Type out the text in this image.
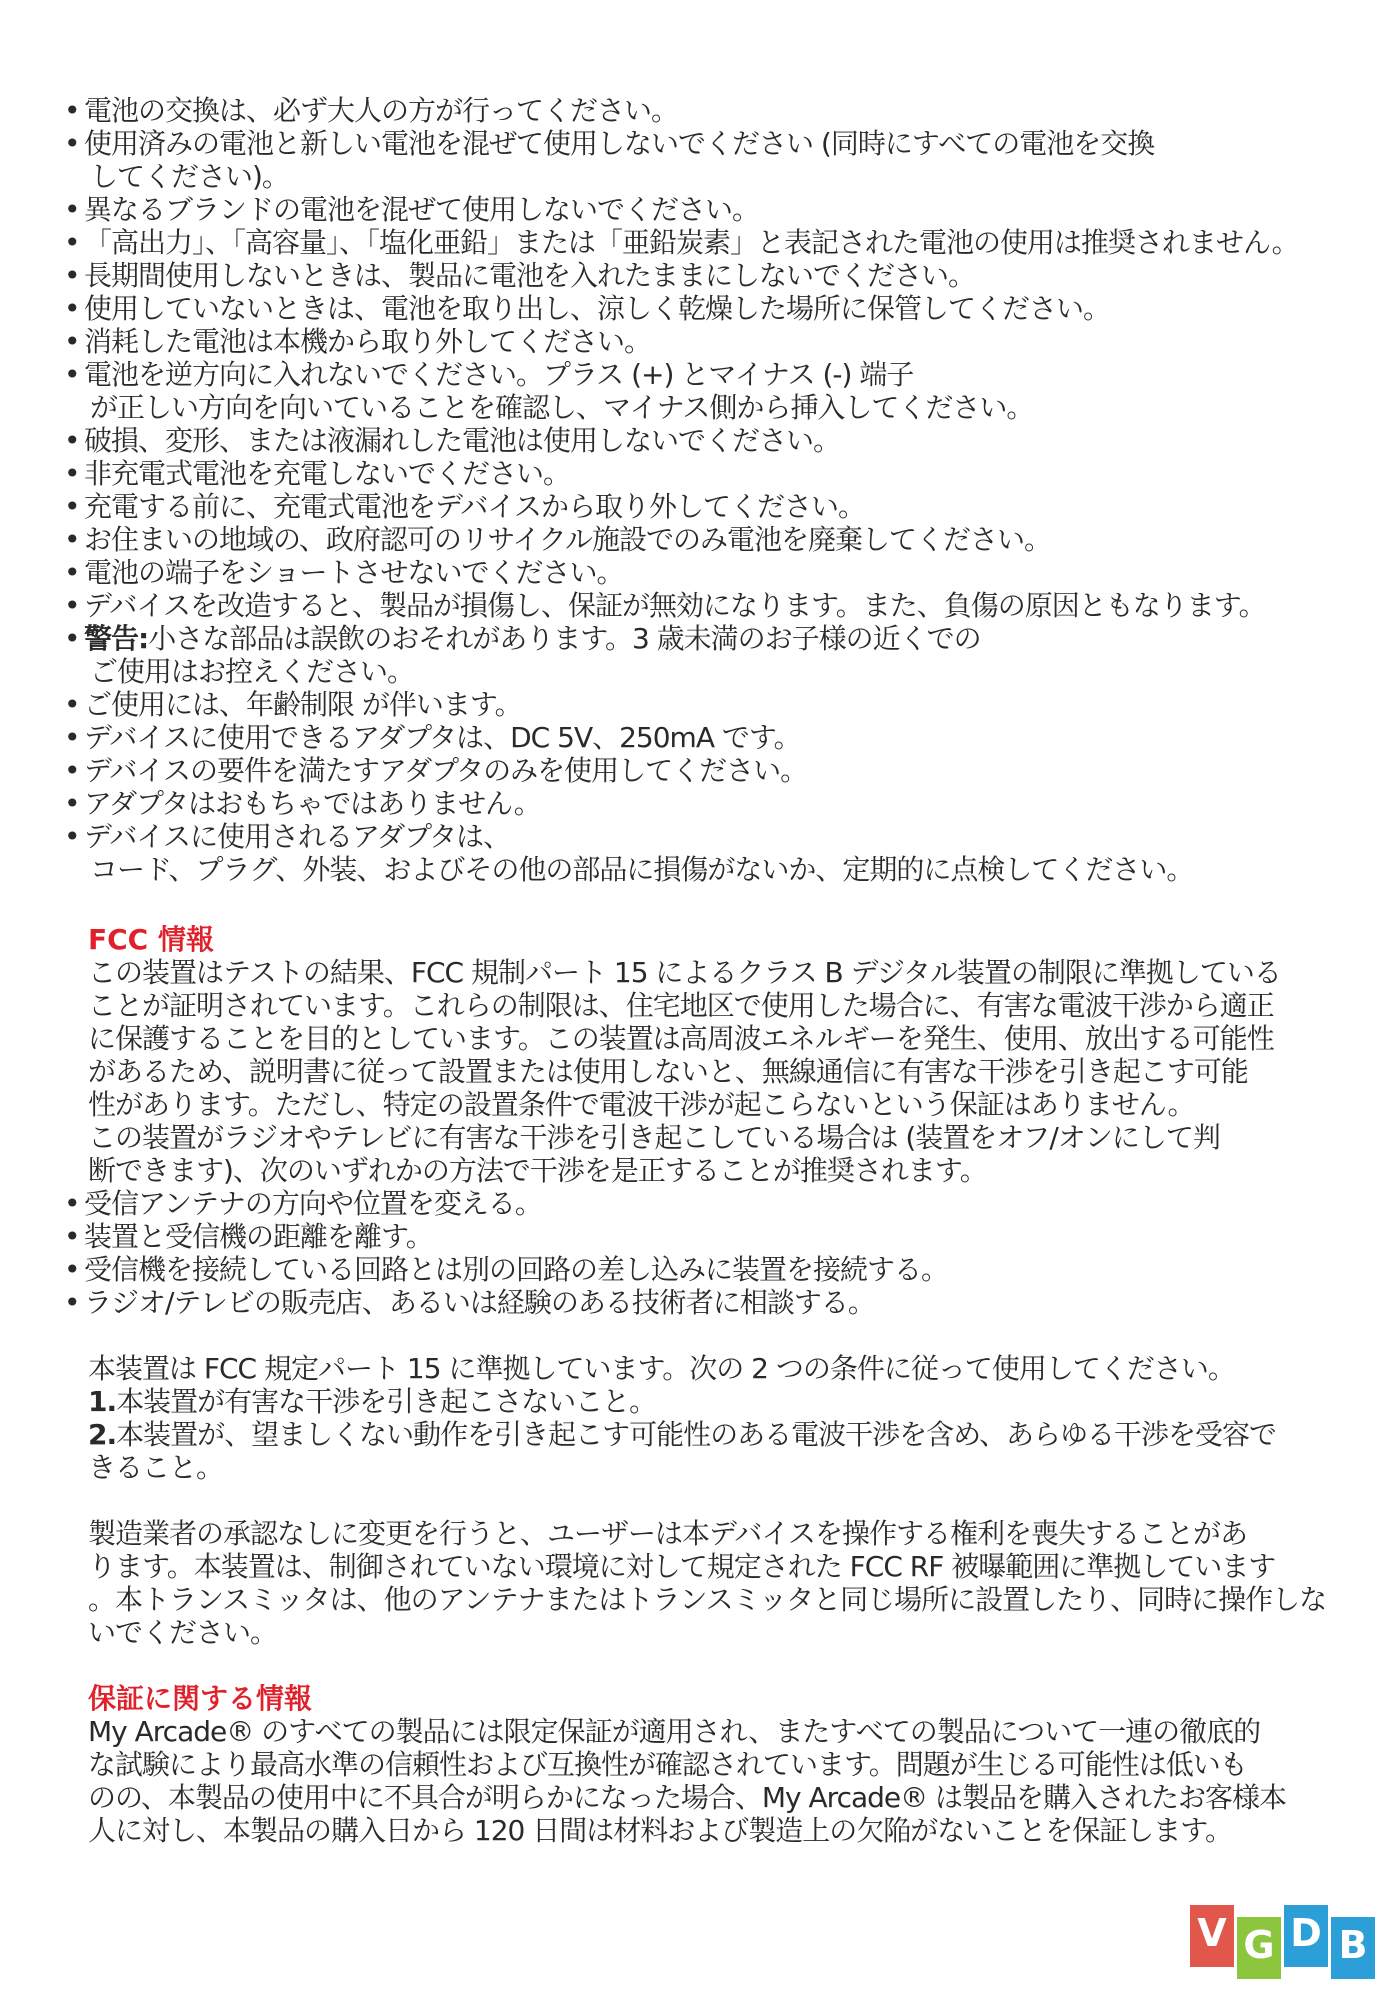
• 電池の交換は、必ず大人の方が行ってください。
• 使用済みの電池と新しい電池を混ぜて使用しないでください (同時にすべての電池を交換
してください)。
• 異なるブランドの電池を混ぜて使用しないでください。
• 「高出力」、「高容量」、「塩化亜鉛」または「亜鉛炭素」と表記された電池の使用は推奨されません。
• 長期間使用しないときは、製品に電池を入れたままにしないでください。
• 使用していないときは、電池を取り出し、涼しく乾燥した場所に保管してください。
• 消耗した電池は本機から取り外してください。
• 電池を逆方向に入れないでください。プラス (+) とマイナス (-) 端子
が正しい方向を向いていることを確認し、マイナス側から挿入してください。
• 破損、変形、または液漏れした電池は使用しないでください。
• 非充電式電池を充電しないでください。
• 充電する前に、充電式電池をデバイスから取り外してください。
• お住まいの地域の、政府認可のリサイクル施設でのみ電池を廃棄してください。
• 電池の端子をショートさせないでください。
• デバイスを改造すると、製品が損傷し、保証が無効になります。また、負傷の原因ともなります。
• 警告:小さな部品は誤飲のおそれがあります。3 歳未満のお子様の近くでの
ご使用はお控えください。
• ご使用には、年齢制限 が伴います。
• デバイスに使用できるアダプタは、DC 5V、250mA です。
• デバイスの要件を満たすアダプタのみを使用してください。
• アダプタはおもちゃではありません。
• デバイスに使用されるアダプタは、
コード、プラグ、外装、およびその他の部品に損傷がないか、定期的に点検してください。
FCC 情報
この装置はテストの結果、FCC 規制パート 15 によるクラス B デジタル装置の制限に準拠している
ことが証明されています。これらの制限は、住宅地区で使用した場合に、有害な電波干渉から適正
に保護することを目的としています。この装置は高周波エネルギーを発生、使用、放出する可能性
があるため、説明書に従って設置または使用しないと、無線通信に有害な干渉を引き起こす可能
性があります。ただし、特定の設置条件で電波干渉が起こらないという保証はありません。
この装置がラジオやテレビに有害な干渉を引き起こしている場合は (装置をオフ/オンにして判
断できます)、次のいずれかの方法で干渉を是正することが推奨されます。
• 受信アンテナの方向や位置を変える。
• 装置と受信機の距離を離す。
• 受信機を接続している回路とは別の回路の差し込みに装置を接続する。
• ラジオ/テレビの販売店、あるいは経験のある技術者に相談する。
本装置は FCC 規定パート 15 に準拠しています。次の 2 つの条件に従って使用してください。
1.本装置が有害な干渉を引き起こさないこと。
2.本装置が、望ましくない動作を引き起こす可能性のある電波干渉を含め、あらゆる干渉を受容で
きること。
製造業者の承認なしに変更を行うと、ユーザーは本デバイスを操作する権利を喪失することがあ
ります。本装置は、制御されていない環境に対して規定された FCC RF 被曝範囲に準拠しています
。本トランスミッタは、他のアンテナまたはトランスミッタと同じ場所に設置したり、同時に操作しな
いでください。
保証に関する情報
My Arcade® のすべての製品には限定保証が適用され、またすべての製品について一連の徹底的
な試験により最高水準の信頼性および互換性が確認されています。問題が生じる可能性は低いも
のの、本製品の使用中に不具合が明らかになった場合、My Arcade® は製品を購入されたお客様本
人に対し、本製品の購入日から 120 日間は材料および製造上の欠陥がないことを保証します。
V G D B
